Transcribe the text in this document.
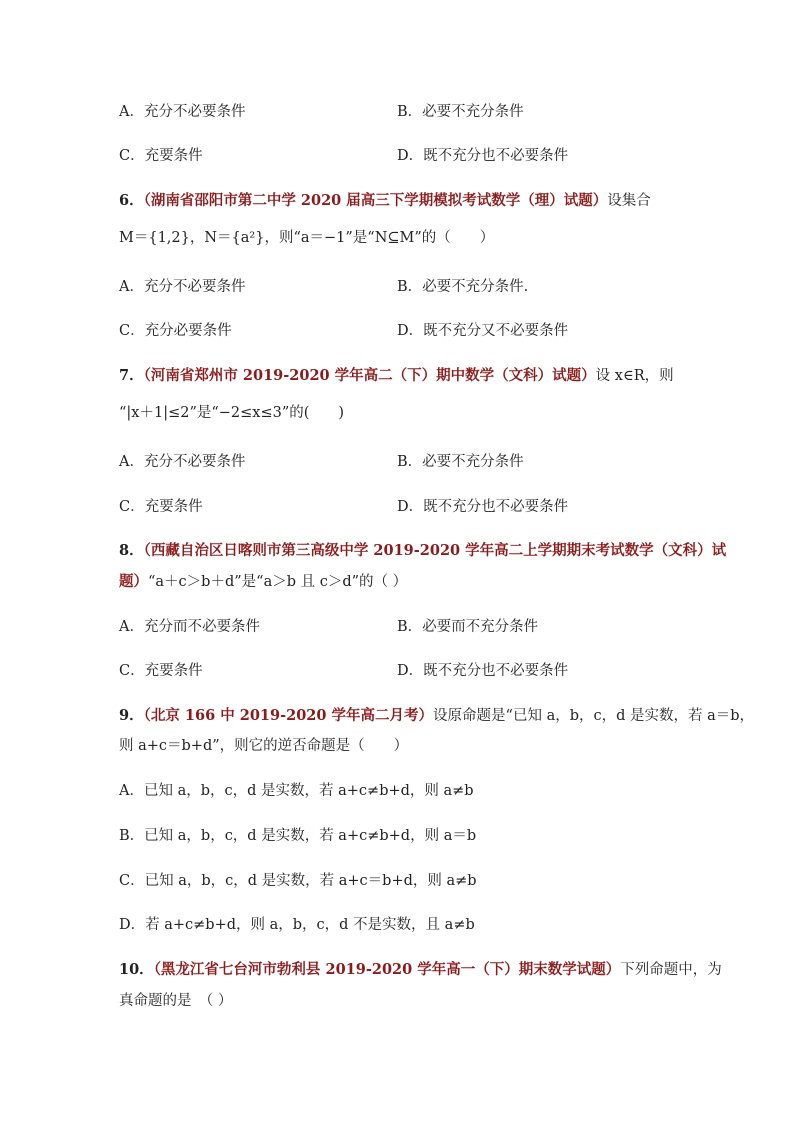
A．充分不必要条件	B．必要不充分条件
C．充要条件	D．既不充分也不必要条件
6．（湖南省邵阳市第二中学 2020 届高三下学期模拟考试数学（理）试题）设集合
M＝{1,2}，N＝{a²}，则“a＝−1”是“N⊆M”的（　　）
A．充分不必要条件	B．必要不充分条件.
C．充分必要条件	D．既不充分又不必要条件
7．（河南省郑州市 2019-2020 学年高二（下）期中数学（文科）试题）设 x∈R，则
“|x＋1|≤2”是“−2≤x≤3”的(　　)
A．充分不必要条件	B．必要不充分条件
C．充要条件	D．既不充分也不必要条件
8．（西藏自治区日喀则市第三高级中学 2019-2020 学年高二上学期期末考试数学（文科）试
题）“a＋c＞b＋d”是“a＞b 且 c＞d”的（ ）
A．充分而不必要条件	B．必要而不充分条件
C．充要条件	D．既不充分也不必要条件
9．（北京 166 中 2019-2020 学年高二月考）设原命题是“已知 a，b，c，d 是实数，若 a＝b，
则 a+c＝b+d”，则它的逆否命题是（　　）
A．已知 a，b，c，d 是实数，若 a+c≠b+d，则 a≠b
B．已知 a，b，c，d 是实数，若 a+c≠b+d，则 a＝b
C．已知 a，b，c，d 是实数，若 a+c＝b+d，则 a≠b
D．若 a+c≠b+d，则 a，b，c，d 不是实数，且 a≠b
10．（黑龙江省七台河市勃利县 2019-2020 学年高一（下）期末数学试题）下列命题中，为
真命题的是　（ ）
